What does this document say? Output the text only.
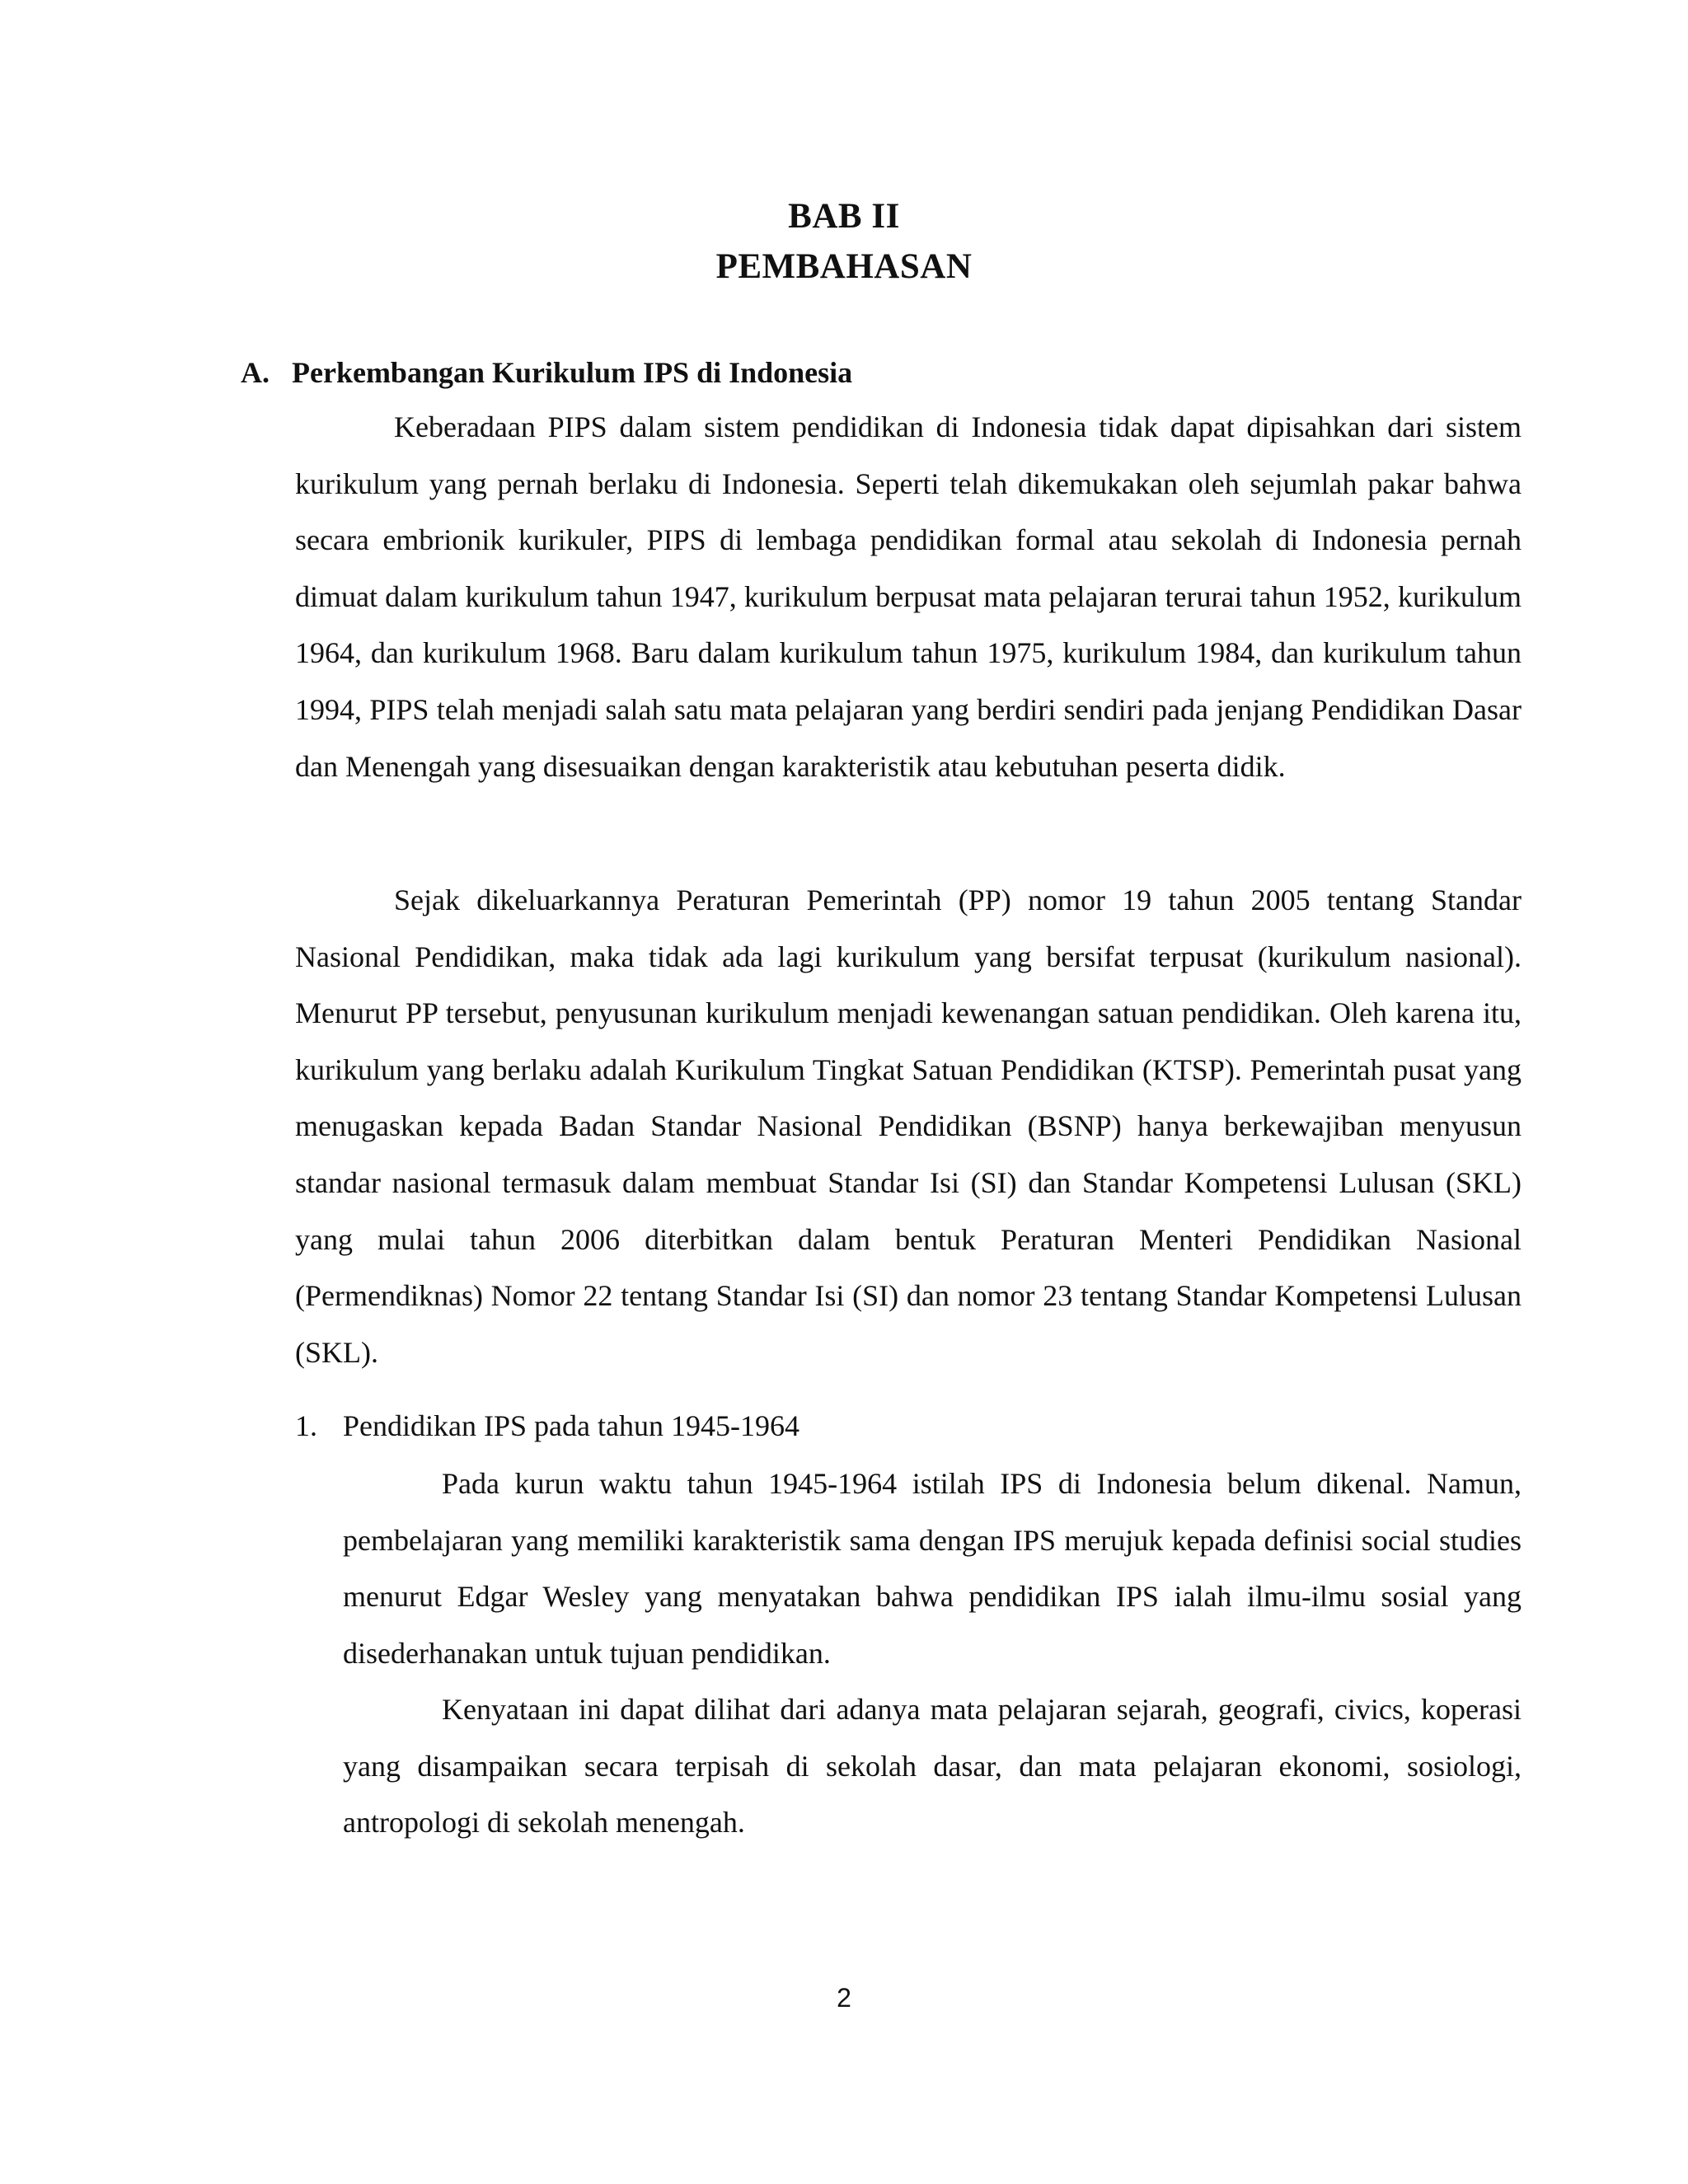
BAB II
PEMBAHASAN
A. Perkembangan Kurikulum IPS di Indonesia

Keberadaan PIPS dalam sistem pendidikan di Indonesia tidak dapat dipisahkan dari sistem kurikulum yang pernah berlaku di Indonesia. Seperti telah dikemukakan oleh sejumlah pakar bahwa secara embrionik kurikuler, PIPS di lembaga pendidikan formal atau sekolah di Indonesia pernah dimuat dalam kurikulum tahun 1947, kurikulum berpusat mata pelajaran terurai tahun 1952, kurikulum 1964, dan kurikulum 1968. Baru dalam kurikulum tahun 1975, kurikulum 1984, dan kurikulum tahun 1994, PIPS telah menjadi salah satu mata pelajaran yang berdiri sendiri pada jenjang Pendidikan Dasar dan Menengah yang disesuaikan dengan karakteristik atau kebutuhan peserta didik.

Sejak dikeluarkannya Peraturan Pemerintah (PP) nomor 19 tahun 2005 tentang Standar Nasional Pendidikan, maka tidak ada lagi kurikulum yang bersifat terpusat (kurikulum nasional). Menurut PP tersebut, penyusunan kurikulum menjadi kewenangan satuan pendidikan. Oleh karena itu, kurikulum yang berlaku adalah Kurikulum Tingkat Satuan Pendidikan (KTSP). Pemerintah pusat yang menugaskan kepada Badan Standar Nasional Pendidikan (BSNP) hanya berkewajiban menyusun standar nasional termasuk dalam membuat Standar Isi (SI) dan Standar Kompetensi Lulusan (SKL) yang mulai tahun 2006 diterbitkan dalam bentuk Peraturan Menteri Pendidikan Nasional (Permendiknas) Nomor 22 tentang Standar Isi (SI) dan nomor 23 tentang Standar Kompetensi Lulusan (SKL).

1. Pendidikan IPS pada tahun 1945-1964

Pada kurun waktu tahun 1945-1964 istilah IPS di Indonesia belum dikenal. Namun, pembelajaran yang memiliki karakteristik sama dengan IPS merujuk kepada definisi social studies menurut Edgar Wesley yang menyatakan bahwa pendidikan IPS ialah ilmu-ilmu sosial yang disederhanakan untuk tujuan pendidikan.

Kenyataan ini dapat dilihat dari adanya mata pelajaran sejarah, geografi, civics, koperasi yang disampaikan secara terpisah di sekolah dasar, dan mata pelajaran ekonomi, sosiologi, antropologi di sekolah menengah.

2
